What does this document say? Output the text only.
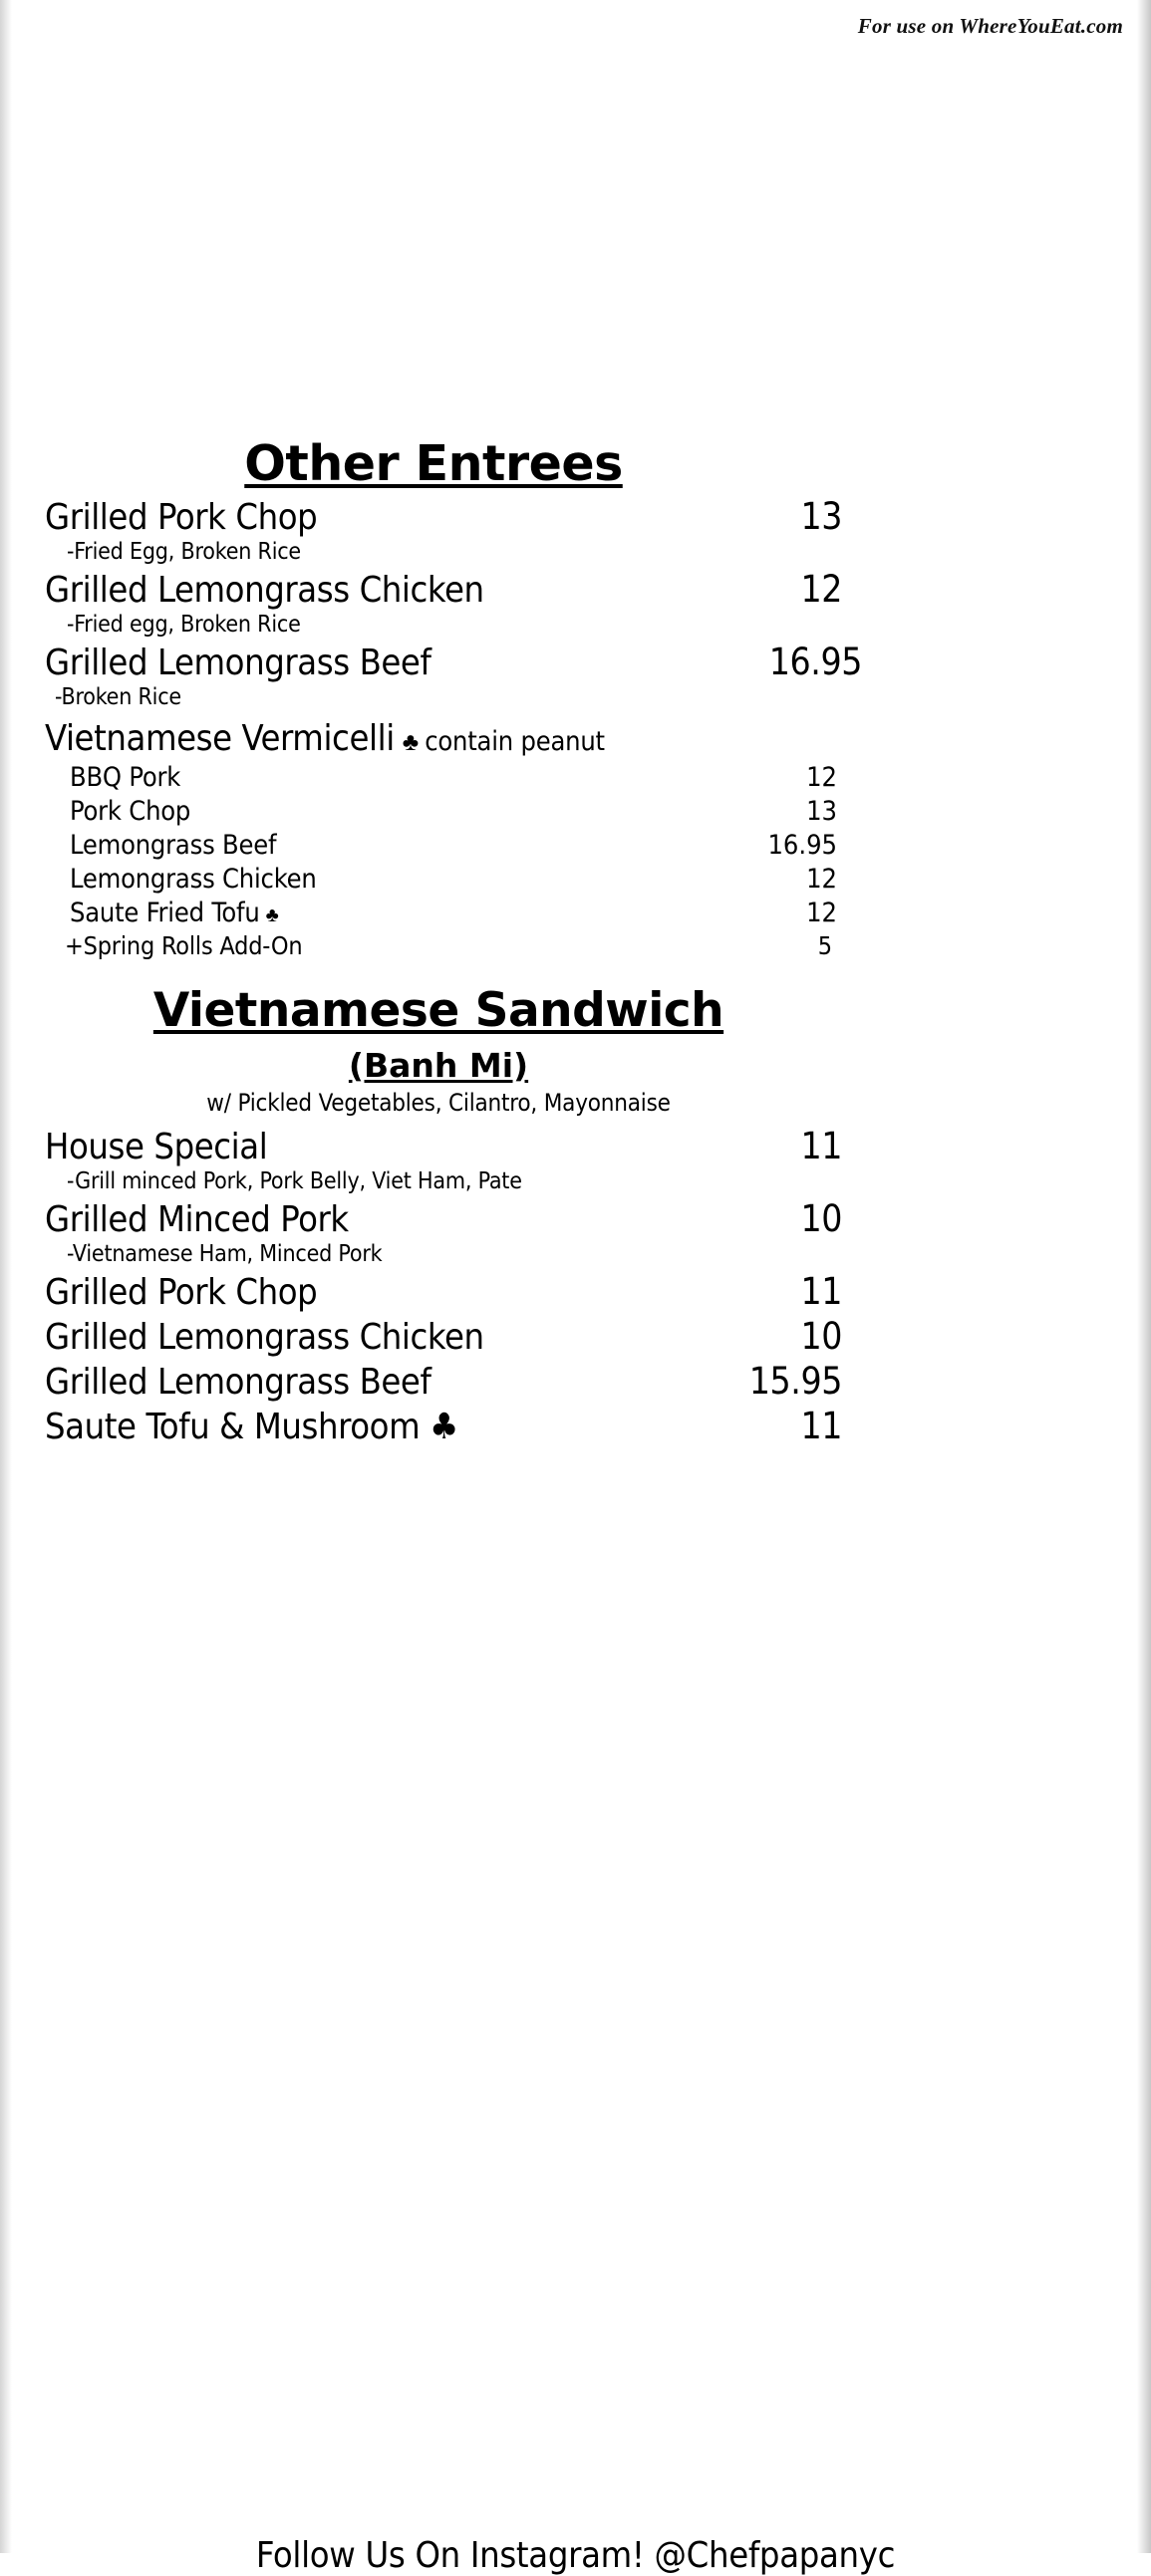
For use on WhereYouEat.com
Other Entrees
Grilled Pork Chop	13
-Fried Egg, Broken Rice
Grilled Lemongrass Chicken	12
-Fried egg, Broken Rice
Grilled Lemongrass Beef	16.95
-Broken Rice
Vietnamese Vermicelli ♣ contain peanut
BBQ Pork	12
Pork Chop	13
Lemongrass Beef	16.95
Lemongrass Chicken	12
Saute Fried Tofu ♣	12
+Spring Rolls Add-On	5
Vietnamese Sandwich
(Banh Mi)
w/ Pickled Vegetables, Cilantro, Mayonnaise
House Special	11
-Grill minced Pork, Pork Belly, Viet Ham, Pate
Grilled Minced Pork	10
-Vietnamese Ham, Minced Pork
Grilled Pork Chop	11
Grilled Lemongrass Chicken	10
Grilled Lemongrass Beef	15.95
Saute Tofu & Mushroom ♣	11
Follow Us On Instagram! @Chefpapanyc
